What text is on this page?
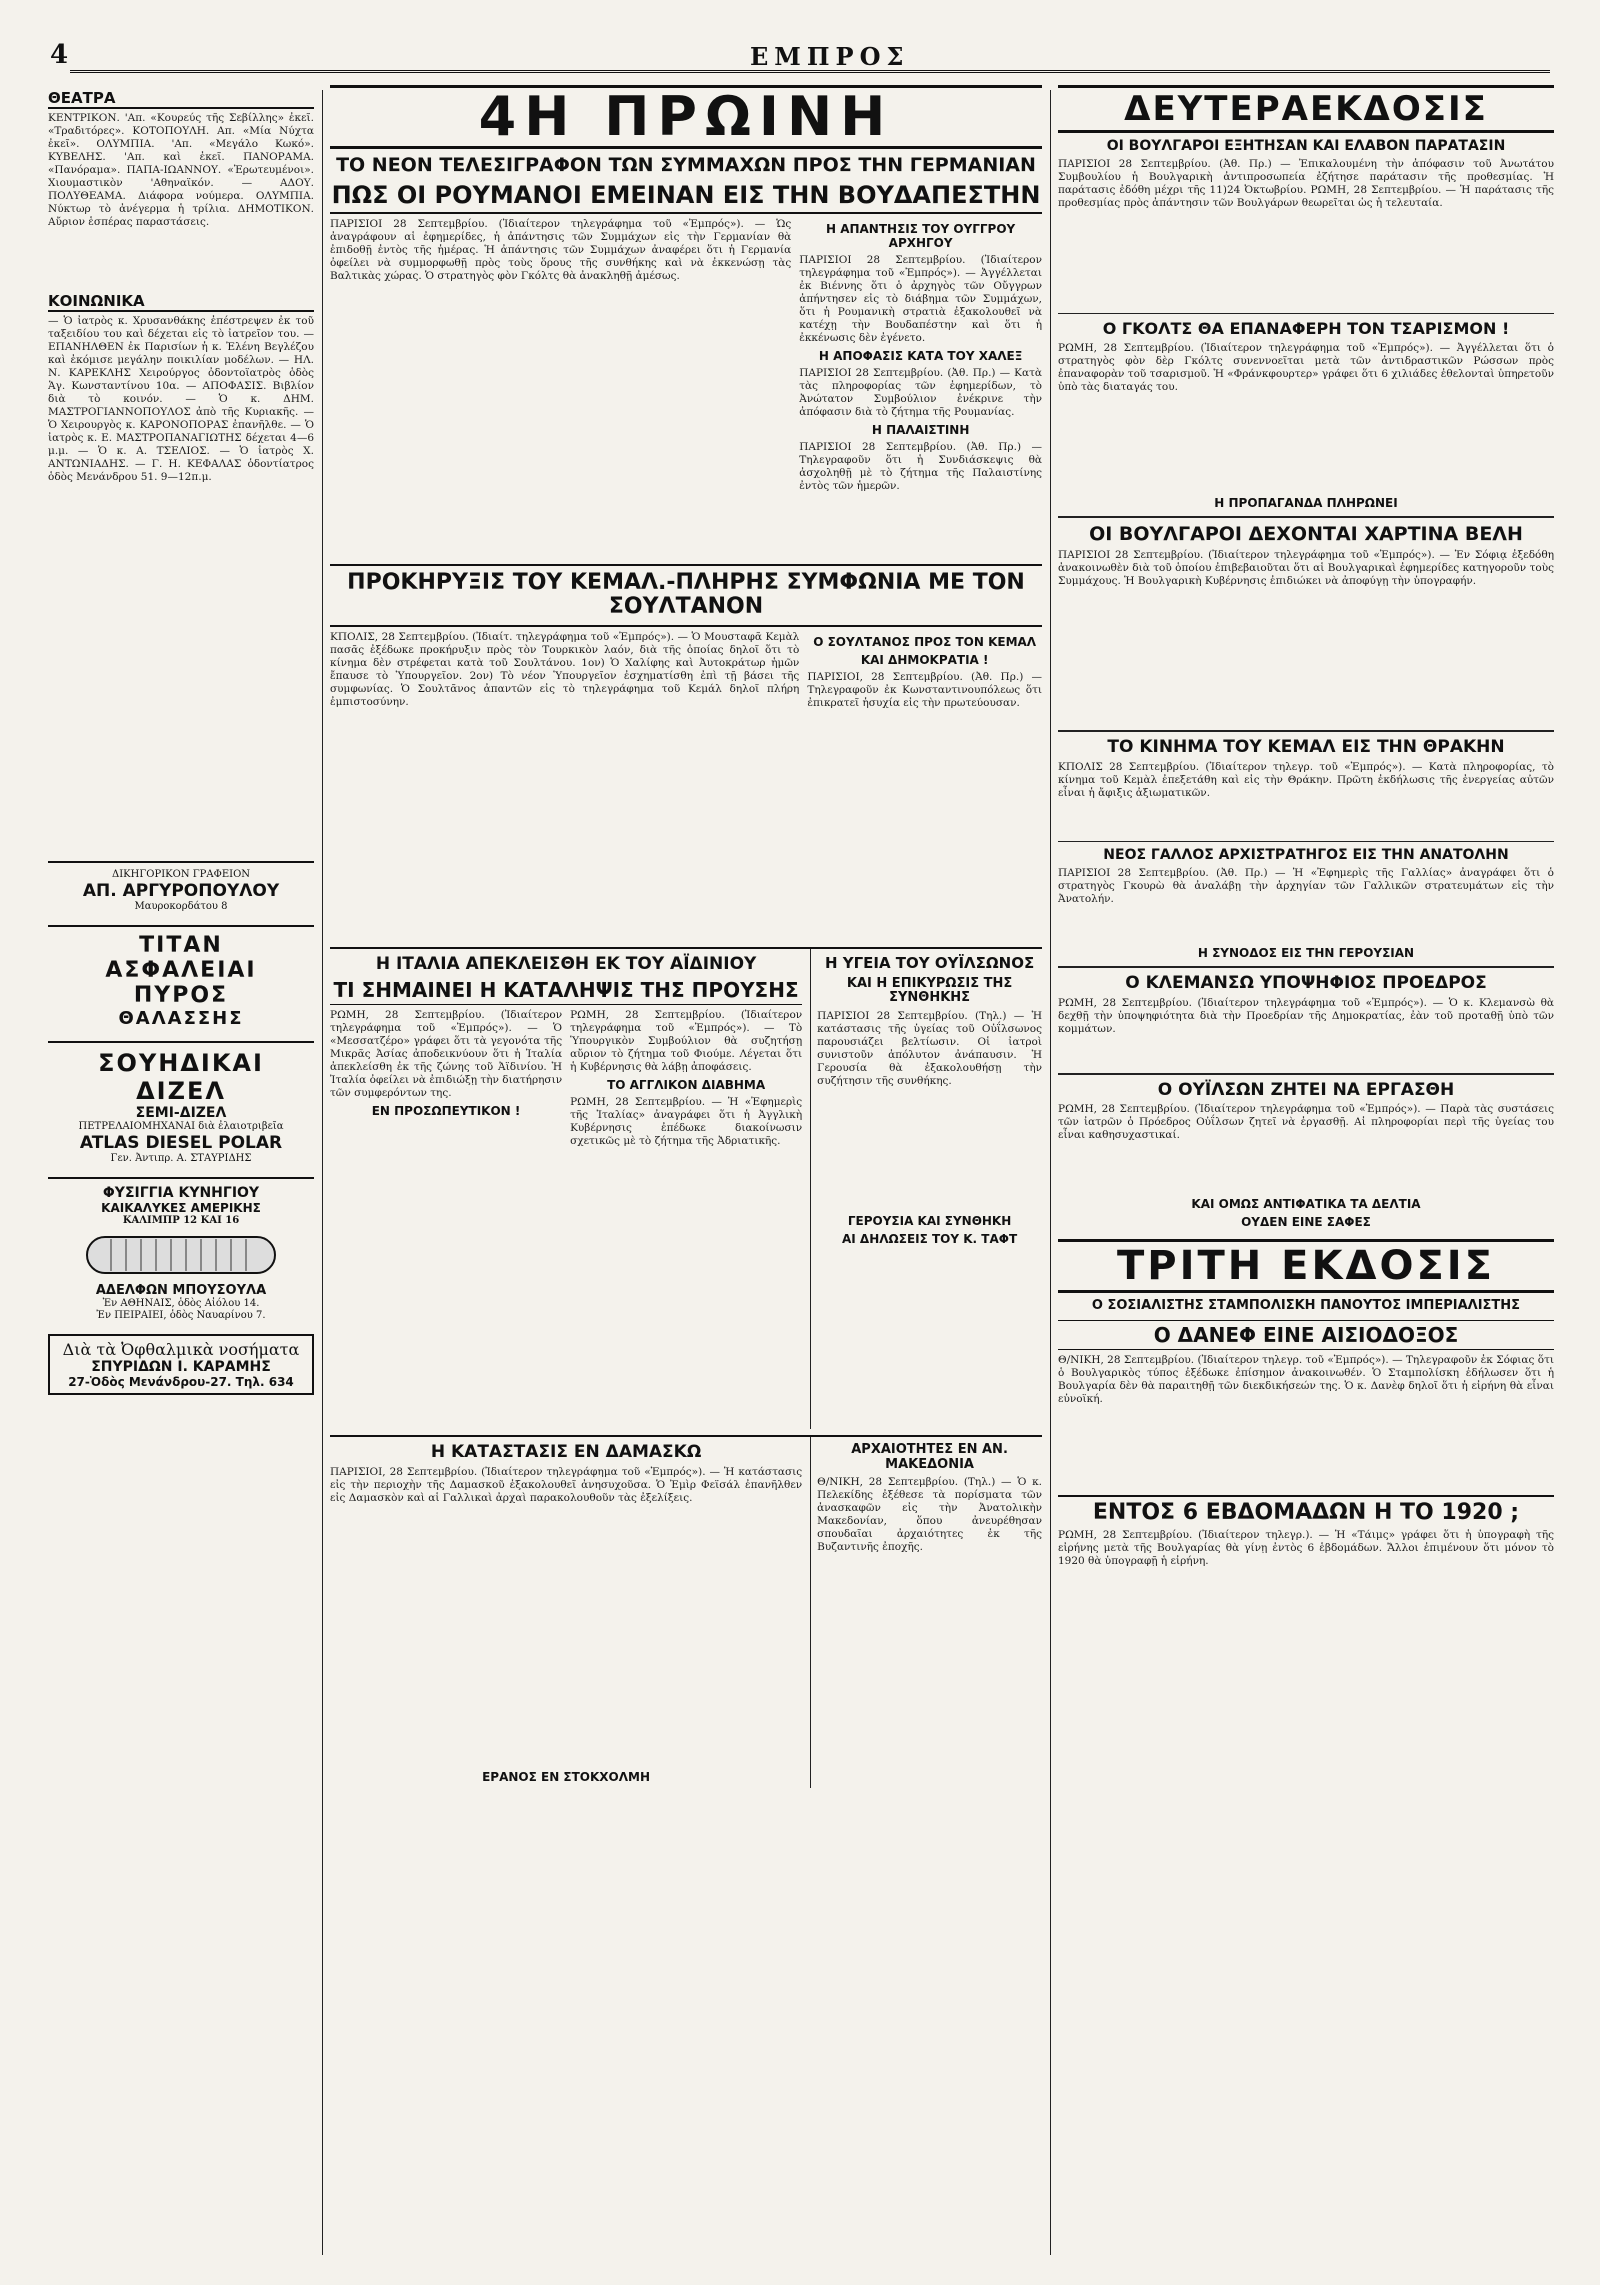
4	ΕΜΠΡΟΣ
ΘΕΑΤΡΑ
ΚΕΝΤΡΙΚΟΝ. 'Απ. «Κουρεύς τῆς Σεβίλλης» ἐκεῖ. «Τραδιτόρες». ΚΟΤΟΠΟΥΛΗ. Απ. «Μία Νύχτα ἐκεῖ». ΟΛΥΜΠΙΑ. 'Απ. «Μεγάλο Κωκό». ΚΥΒΕΛΗΣ. 'Απ. καὶ ἐκεῖ. ΠΑΝΟΡΑΜΑ. «Πανόραμα». ΠΑΠΑ-ΙΩΑΝΝΟΥ. «Ἐρωτευμένοι». Χιουμαστικὸν 'Αθηναϊκόν. — ΑΔΟΥ. ΠΟΛΥΘΕΑΜΑ. Διάφορα νούμερα. ΟΛΥΜΠΙΑ. Νύκτωρ τὸ ἀνέγερμα ἡ τρίλια. ΔΗΜΟΤΙΚΟΝ. Αὔριον ἑσπέρας παραστάσεις.
ΚΟΙΝΩΝΙΚΑ
— Ὁ ἰατρὸς κ. Χρυσανθάκης ἐπέστρεψεν ἐκ τοῦ ταξειδίου του καὶ δέχεται εἰς τὸ ἰατρεῖον του. —ΕΠΑΝΗΛΘΕΝ ἐκ Παρισίων ἡ κ. Ἐλένη Βεγλέζου καὶ ἐκόμισε μεγάλην ποικιλίαν μοδέλων. — ΗΛ. Ν. ΚΑΡΕΚΛΗΣ Χειρούργος ὀδοντοϊατρὸς ὁδὸς Ἁγ. Κωνσταντίνου 10α. — ΑΠΟΦΑΣΙΣ. Βιβλίον διὰ τὸ κοινόν. — Ὁ κ. ΔΗΜ. ΜΑΣΤΡΟΓΙΑΝΝΟΠΟΥΛΟΣ ἀπὸ τῆς Κυριακῆς. — Ὁ Χειρουργὸς κ. ΚΑΡΟΝΟΠΟΡΑΣ ἐπανῆλθε. — Ὁ ἰατρὸς κ. Ε. ΜΑΣΤΡΟΠΑΝΑΓΙΩΤΗΣ δέχεται 4—6 μ.μ. — Ὁ κ. Α. ΤΣΕΛΙΟΣ. — Ὁ ἰατρὸς Χ. ΑΝΤΩΝΙΑΔΗΣ. — Γ. Η. ΚΕΦΑΛΑΣ ὁδοντίατρος ὁδὸς Μενάνδρου 51. 9—12π.μ.
ΔΙΚΗΓΟΡΙΚΟΝ ΓΡΑΦΕΙΟΝ
ΑΠ. ΑΡΓΥΡΟΠΟΥΛΟΥ
Μαυροκορδάτου 8
ΤΙΤΑΝ
ΑΣΦΑΛΕΙΑΙ
ΠΥΡΟΣ
ΘΑΛΑΣΣΗΣ
ΣΟΥΗΔΙΚΑΙ ΔΙΖΕΛ
ΣΕΜΙ-ΔΙΖΕΛ
ΠΕΤΡΕΛΑΙΟΜΗΧΑΝΑΙ διὰ ἐλαιοτριβεῖα
ATLAS DIESEL POLAR
Γεν. Ἀντιπρ. Α. ΣΤΑΥΡΙΔΗΣ
ΦΥΣΙΓΓΙΑ ΚΥΝΗΓΙΟΥ
ΚΑΙΚΑΛΥΚΕΣ ΑΜΕΡΙΚΗΣ
ΚΑΛΙΜΠΡ 12 ΚΑΙ 16
ΑΔΕΛΦΩΝ ΜΠΟΥΣΟΥΛΑ
Ἐν ΑΘΗΝΑΙΣ, ὁδὸς Αἰόλου 14.
Ἐν ΠΕΙΡΑΙΕΙ, ὁδὸς Ναυαρίνου 7.
Διὰ τὰ Ὀφθαλμικὰ νοσήματα
ΣΠΥΡΙΔΩΝ Ι. ΚΑΡΑΜΗΣ
27-Ὁδὸς Μενάνδρου-27. Τηλ. 634
4Η ΠΡΩΙΝΗ
ΤΟ ΝΕΟΝ ΤΕΛΕΣΙΓΡΑΦΟΝ ΤΩΝ ΣΥΜΜΑΧΩΝ ΠΡΟΣ ΤΗΝ ΓΕΡΜΑΝΙΑΝ
ΠΩΣ ΟΙ ΡΟΥΜΑΝΟΙ ΕΜΕΙΝΑΝ ΕΙΣ ΤΗΝ ΒΟΥΔΑΠΕΣΤΗΝ
ΠΑΡΙΣΙΟΙ 28 Σεπτεμβρίου. (Ἰδιαίτερον τηλεγράφημα τοῦ «Ἐμπρός»). — Ὡς ἀναγράφουν αἱ ἐφημερίδες, ἡ ἀπάντησις τῶν Συμμάχων εἰς τὴν Γερμανίαν θὰ ἐπιδοθῇ ἐντὸς τῆς ἡμέρας. Ἡ ἀπάντησις τῶν Συμμάχων ἀναφέρει ὅτι ἡ Γερμανία ὀφείλει νὰ συμμορφωθῇ πρὸς τοὺς ὅρους τῆς συνθήκης καὶ νὰ ἐκκενώσῃ τὰς Βαλτικὰς χώρας. Ὁ στρατηγὸς φὸν Γκόλτς θὰ ἀνακληθῇ ἀμέσως.
Η ΑΠΑΝΤΗΣΙΣ ΤΟΥ ΟΥΓΓΡΟΥ ΑΡΧΗΓΟΥ
ΠΑΡΙΣΙΟΙ 28 Σεπτεμβρίου. (Ἰδιαίτερον τηλεγράφημα τοῦ «Ἐμπρός»). — Ἀγγέλλεται ἐκ Βιέννης ὅτι ὁ ἀρχηγὸς τῶν Οὔγγρων ἀπήντησεν εἰς τὸ διάβημα τῶν Συμμάχων, ὅτι ἡ Ρουμανικὴ στρατιὰ ἐξακολουθεῖ νὰ κατέχῃ τὴν Βουδαπέστην καὶ ὅτι ἡ ἐκκένωσις δὲν ἐγένετο.
Η ΑΠΟΦΑΣΙΣ ΚΑΤΑ ΤΟΥ ΧΑΛΕΞ
ΠΑΡΙΣΙΟΙ 28 Σεπτεμβρίου. (Ἀθ. Πρ.) — Κατὰ τὰς πληροφορίας τῶν ἐφημερίδων, τὸ Ἀνώτατον Συμβούλιον ἐνέκρινε τὴν ἀπόφασιν διὰ τὸ ζήτημα τῆς Ρουμανίας.
Η ΠΑΛΑΙΣΤΙΝΗ
ΠΑΡΙΣΙΟΙ 28 Σεπτεμβρίου. (Ἀθ. Πρ.) — Τηλεγραφοῦν ὅτι ἡ Συνδιάσκεψις θὰ ἀσχοληθῇ μὲ τὸ ζήτημα τῆς Παλαιστίνης ἐντὸς τῶν ἡμερῶν.
ΠΡΟΚΗΡΥΞΙΣ ΤΟΥ ΚΕΜΑΛ.-ΠΛΗΡΗΣ ΣΥΜΦΩΝΙΑ ΜΕ ΤΟΝ ΣΟΥΛΤΑΝΟΝ
ΚΠΟΛΙΣ, 28 Σεπτεμβρίου. (Ἰδιαίτ. τηλεγράφημα τοῦ «Ἐμπρός»). — Ὁ Μουσταφᾶ Κεμὰλ πασᾶς ἐξέδωκε προκήρυξιν πρὸς τὸν Τουρκικὸν λαόν, διὰ τῆς ὁποίας δηλοῖ ὅτι τὸ κίνημα δὲν στρέφεται κατὰ τοῦ Σουλτάνου. 1ον) Ὁ Χαλίφης καὶ Ἀυτοκράτωρ ἡμῶν ἔπαυσε τὸ Ὑπουργεῖον. 2ον) Τὸ νέον Ὑπουργεῖον ἐσχηματίσθη ἐπὶ τῇ βάσει τῆς συμφωνίας. Ὁ Σουλτᾶνος ἀπαντῶν εἰς τὸ τηλεγράφημα τοῦ Κεμάλ δηλοῖ πλήρη ἐμπιστοσύνην.
Ο ΣΟΥΛΤΑΝΟΣ ΠΡΟΣ ΤΟΝ ΚΕΜΑΛ
ΚΑΙ ΔΗΜΟΚΡΑΤΙΑ !
ΠΑΡΙΣΙΟΙ, 28 Σεπτεμβρίου. (Ἀθ. Πρ.) — Τηλεγραφοῦν ἐκ Κωνσταντινουπόλεως ὅτι ἐπικρατεῖ ἡσυχία εἰς τὴν πρωτεύουσαν.
Η ΙΤΑΛΙΑ ΑΠΕΚΛΕΙΣΘΗ ΕΚ ΤΟΥ ΑΪΔΙΝΙΟΥ
ΤΙ ΣΗΜΑΙΝΕΙ Η ΚΑΤΑΛΗΨΙΣ ΤΗΣ ΠΡΟΥΣΗΣ
ΡΩΜΗ, 28 Σεπτεμβρίου. (Ἰδιαίτερον τηλεγράφημα τοῦ «Ἐμπρός»). — Ὁ «Μεσσατζέρο» γράφει ὅτι τὰ γεγονότα τῆς Μικρᾶς Ἀσίας ἀποδεικνύουν ὅτι ἡ Ἰταλία ἀπεκλείσθη ἐκ τῆς ζώνης τοῦ Ἀϊδινίου. Ἡ Ἰταλία ὀφείλει νὰ ἐπιδιώξῃ τὴν διατήρησιν τῶν συμφερόντων της.
ΕΝ ΠΡΟΣΩΠΕΥΤΙΚΟΝ !
ΡΩΜΗ, 28 Σεπτεμβρίου. (Ἰδιαίτερον τηλεγράφημα τοῦ «Ἐμπρός»). — Τὸ Ὑπουργικὸν Συμβούλιον θὰ συζητήσῃ αὔριον τὸ ζήτημα τοῦ Φιούμε. Λέγεται ὅτι ἡ Κυβέρνησις θὰ λάβῃ ἀποφάσεις.
ΤΟ ΑΓΓΛΙΚΟΝ ΔΙΑΒΗΜΑ
ΡΩΜΗ, 28 Σεπτεμβρίου. — Ἡ «Ἐφημερὶς τῆς Ἰταλίας» ἀναγράφει ὅτι ἡ Ἀγγλικὴ Κυβέρνησις ἐπέδωκε διακοίνωσιν σχετικῶς μὲ τὸ ζήτημα τῆς Ἀδριατικῆς.
Η ΥΓΕΙΑ ΤΟΥ ΟΥΪΛΣΩΝΟΣ
ΚΑΙ Η ΕΠΙΚΥΡΩΣΙΣ ΤΗΣ ΣΥΝΘΗΚΗΣ
ΠΑΡΙΣΙΟΙ 28 Σεπτεμβρίου. (Τηλ.) — Ἡ κατάστασις τῆς ὑγείας τοῦ Οὐΐλσωνος παρουσιάζει βελτίωσιν. Οἱ ἰατροὶ συνιστοῦν ἀπόλυτον ἀνάπαυσιν. Ἡ Γερουσία θὰ ἐξακολουθήσῃ τὴν συζήτησιν τῆς συνθήκης.
ΓΕΡΟΥΣΙΑ ΚΑΙ ΣΥΝΘΗΚΗ
ΑΙ ΔΗΛΩΣΕΙΣ ΤΟΥ Κ. ΤΑΦΤ
Η ΚΑΤΑΣΤΑΣΙΣ ΕΝ ΔΑΜΑΣΚΩ
ΠΑΡΙΣΙΟΙ, 28 Σεπτεμβρίου. (Ἰδιαίτερον τηλεγράφημα τοῦ «Ἐμπρός»). — Ἡ κατάστασις εἰς τὴν περιοχὴν τῆς Δαμασκοῦ ἐξακολουθεῖ ἀνησυχοῦσα. Ὁ Ἐμὶρ Φεϊσάλ ἐπανῆλθεν εἰς Δαμασκὸν καὶ αἱ Γαλλικαὶ ἀρχαὶ παρακολουθοῦν τὰς ἐξελίξεις.
ΕΡΑΝΟΣ ΕΝ ΣΤΟΚΧΟΛΜΗ
ΑΡΧΑΙΟΤΗΤΕΣ ΕΝ ΑΝ. ΜΑΚΕΔΟΝΙΑ
Θ/ΝΙΚΗ, 28 Σεπτεμβρίου. (Τηλ.) — Ὁ κ. Πελεκίδης ἐξέθεσε τὰ πορίσματα τῶν ἀνασκαφῶν εἰς τὴν Ἀνατολικὴν Μακεδονίαν, ὅπου ἀνευρέθησαν σπουδαῖαι ἀρχαιότητες ἐκ τῆς Βυζαντινῆς ἐποχῆς.
ΔΕΥΤΕΡΑΕΚΔΟΣΙΣ
ΟΙ ΒΟΥΛΓΑΡΟΙ ΕΞΗΤΗΣΑΝ ΚΑΙ ΕΛΑΒΟΝ ΠΑΡΑΤΑΣΙΝ
ΠΑΡΙΣΙΟΙ 28 Σεπτεμβρίου. (Ἀθ. Πρ.) — Ἐπικαλουμένη τὴν ἀπόφασιν τοῦ Ἀνωτάτου Συμβουλίου ἡ Βουλγαρικὴ ἀντιπροσωπεία ἐζήτησε παράτασιν τῆς προθεσμίας. Ἡ παράτασις ἐδόθη μέχρι τῆς 11)24 Ὀκτωβρίου. ΡΩΜΗ, 28 Σεπτεμβρίου. — Ἡ παράτασις τῆς προθεσμίας πρὸς ἀπάντησιν τῶν Βουλγάρων θεωρεῖται ὡς ἡ τελευταία.
Ο ΓΚΟΛΤΣ ΘΑ ΕΠΑΝΑΦΕΡΗ ΤΟΝ ΤΣΑΡΙΣΜΟΝ !
ΡΩΜΗ, 28 Σεπτεμβρίου. (Ἰδιαίτερον τηλεγράφημα τοῦ «Ἐμπρός»). — Ἀγγέλλεται ὅτι ὁ στρατηγὸς φὸν δὲρ Γκόλτς συνεννοεῖται μετὰ τῶν ἀντιδραστικῶν Ρώσσων πρὸς ἐπαναφορὰν τοῦ τσαρισμοῦ. Ἡ «Φράνκφουρτερ» γράφει ὅτι 6 χιλιάδες ἐθελονταὶ ὑπηρετοῦν ὑπὸ τὰς διαταγάς του.
Η ΠΡΟΠΑΓΑΝΔΑ ΠΛΗΡΩΝΕΙ
ΟΙ ΒΟΥΛΓΑΡΟΙ ΔΕΧΟΝΤΑΙ ΧΑΡΤΙΝΑ ΒΕΛΗ
ΠΑΡΙΣΙΟΙ 28 Σεπτεμβρίου. (Ἰδιαίτερον τηλεγράφημα τοῦ «Ἐμπρός»). — Ἐν Σόφιᾳ ἐξεδόθη ἀνακοινωθὲν διὰ τοῦ ὁποίου ἐπιβεβαιοῦται ὅτι αἱ Βουλγαρικαὶ ἐφημερίδες κατηγοροῦν τοὺς Συμμάχους. Ἡ Βουλγαρικὴ Κυβέρνησις ἐπιδιώκει νὰ ἀποφύγῃ τὴν ὑπογραφήν.
ΤΟ ΚΙΝΗΜΑ ΤΟΥ ΚΕΜΑΛ ΕΙΣ ΤΗΝ ΘΡΑΚΗΝ
ΚΠΟΛΙΣ 28 Σεπτεμβρίου. (Ἰδιαίτερον τηλεγρ. τοῦ «Ἐμπρός»). — Κατὰ πληροφορίας, τὸ κίνημα τοῦ Κεμὰλ ἐπεξετάθη καὶ εἰς τὴν Θράκην. Πρῶτη ἐκδήλωσις τῆς ἐνεργείας αὐτῶν εἶναι ἡ ἄφιξις ἀξιωματικῶν.
ΝΕΟΣ ΓΑΛΛΟΣ ΑΡΧΙΣΤΡΑΤΗΓΟΣ ΕΙΣ ΤΗΝ ΑΝΑΤΟΛΗΝ
ΠΑΡΙΣΙΟΙ 28 Σεπτεμβρίου. (Ἀθ. Πρ.) — Ἡ «Ἐφημερὶς τῆς Γαλλίας» ἀναγράφει ὅτι ὁ στρατηγὸς Γκουρὼ θὰ ἀναλάβῃ τὴν ἀρχηγίαν τῶν Γαλλικῶν στρατευμάτων εἰς τὴν Ἀνατολήν.
Η ΣΥΝΟΔΟΣ ΕΙΣ ΤΗΝ ΓΕΡΟΥΣΙΑΝ
Ο ΚΛΕΜΑΝΣΩ ΥΠΟΨΗΦΙΟΣ ΠΡΟΕΔΡΟΣ
ΡΩΜΗ, 28 Σεπτεμβρίου. (Ἰδιαίτερον τηλεγράφημα τοῦ «Ἐμπρός»). — Ὁ κ. Κλεμανσὼ θὰ δεχθῇ τὴν ὑποψηφιότητα διὰ τὴν Προεδρίαν τῆς Δημοκρατίας, ἐὰν τοῦ προταθῇ ὑπὸ τῶν κομμάτων.
Ο ΟΥΪΛΣΩΝ ΖΗΤΕΙ ΝΑ ΕΡΓΑΣΘΗ
ΡΩΜΗ, 28 Σεπτεμβρίου. (Ἰδιαίτερον τηλεγράφημα τοῦ «Ἐμπρός»). — Παρὰ τὰς συστάσεις τῶν ἰατρῶν ὁ Πρόεδρος Οὐΐλσων ζητεῖ νὰ ἐργασθῇ. Αἱ πληροφορίαι περὶ τῆς ὑγείας του εἶναι καθησυχαστικαί.
ΚΑΙ ΟΜΩΣ ΑΝΤΙΦΑΤΙΚΑ ΤΑ ΔΕΛΤΙΑ
ΟΥΔΕΝ ΕΙΝΕ ΣΑΦΕΣ
ΤΡΙΤΗ ΕΚΔΟΣΙΣ
Ο ΣΟΣΙΑΛΙΣΤΗΣ ΣΤΑΜΠΟΛΙΣΚΗ ΠΑΝΟΥΤΟΣ ΙΜΠΕΡΙΑΛΙΣΤΗΣ
Ο ΔΑΝΕΦ ΕΙΝΕ ΑΙΣΙΟΔΟΞΟΣ
Θ/ΝΙΚΗ, 28 Σεπτεμβρίου. (Ἰδιαίτερον τηλεγρ. τοῦ «Ἐμπρός»). — Τηλεγραφοῦν ἐκ Σόφιας ὅτι ὁ Βουλγαρικὸς τύπος ἐξέδωκε ἐπίσημον ἀνακοινωθέν. Ὁ Σταμπολίσκη ἐδήλωσεν ὅτι ἡ Βουλγαρία δὲν θὰ παραιτηθῇ τῶν διεκδικήσεών της. Ὁ κ. Δανὲφ δηλοῖ ὅτι ἡ εἰρήνη θὰ εἶναι εὐνοϊκή.
ΕΝΤΟΣ 6 ΕΒΔΟΜΑΔΩΝ Η ΤΟ 1920 ;
ΡΩΜΗ, 28 Σεπτεμβρίου. (Ἰδιαίτερον τηλεγρ.). — Ἡ «Τάιμς» γράφει ὅτι ἡ ὑπογραφὴ τῆς εἰρήνης μετὰ τῆς Βουλγαρίας θὰ γίνῃ ἐντὸς 6 ἑβδομάδων. Ἄλλοι ἐπιμένουν ὅτι μόνον τὸ 1920 θὰ ὑπογραφῇ ἡ εἰρήνη.
